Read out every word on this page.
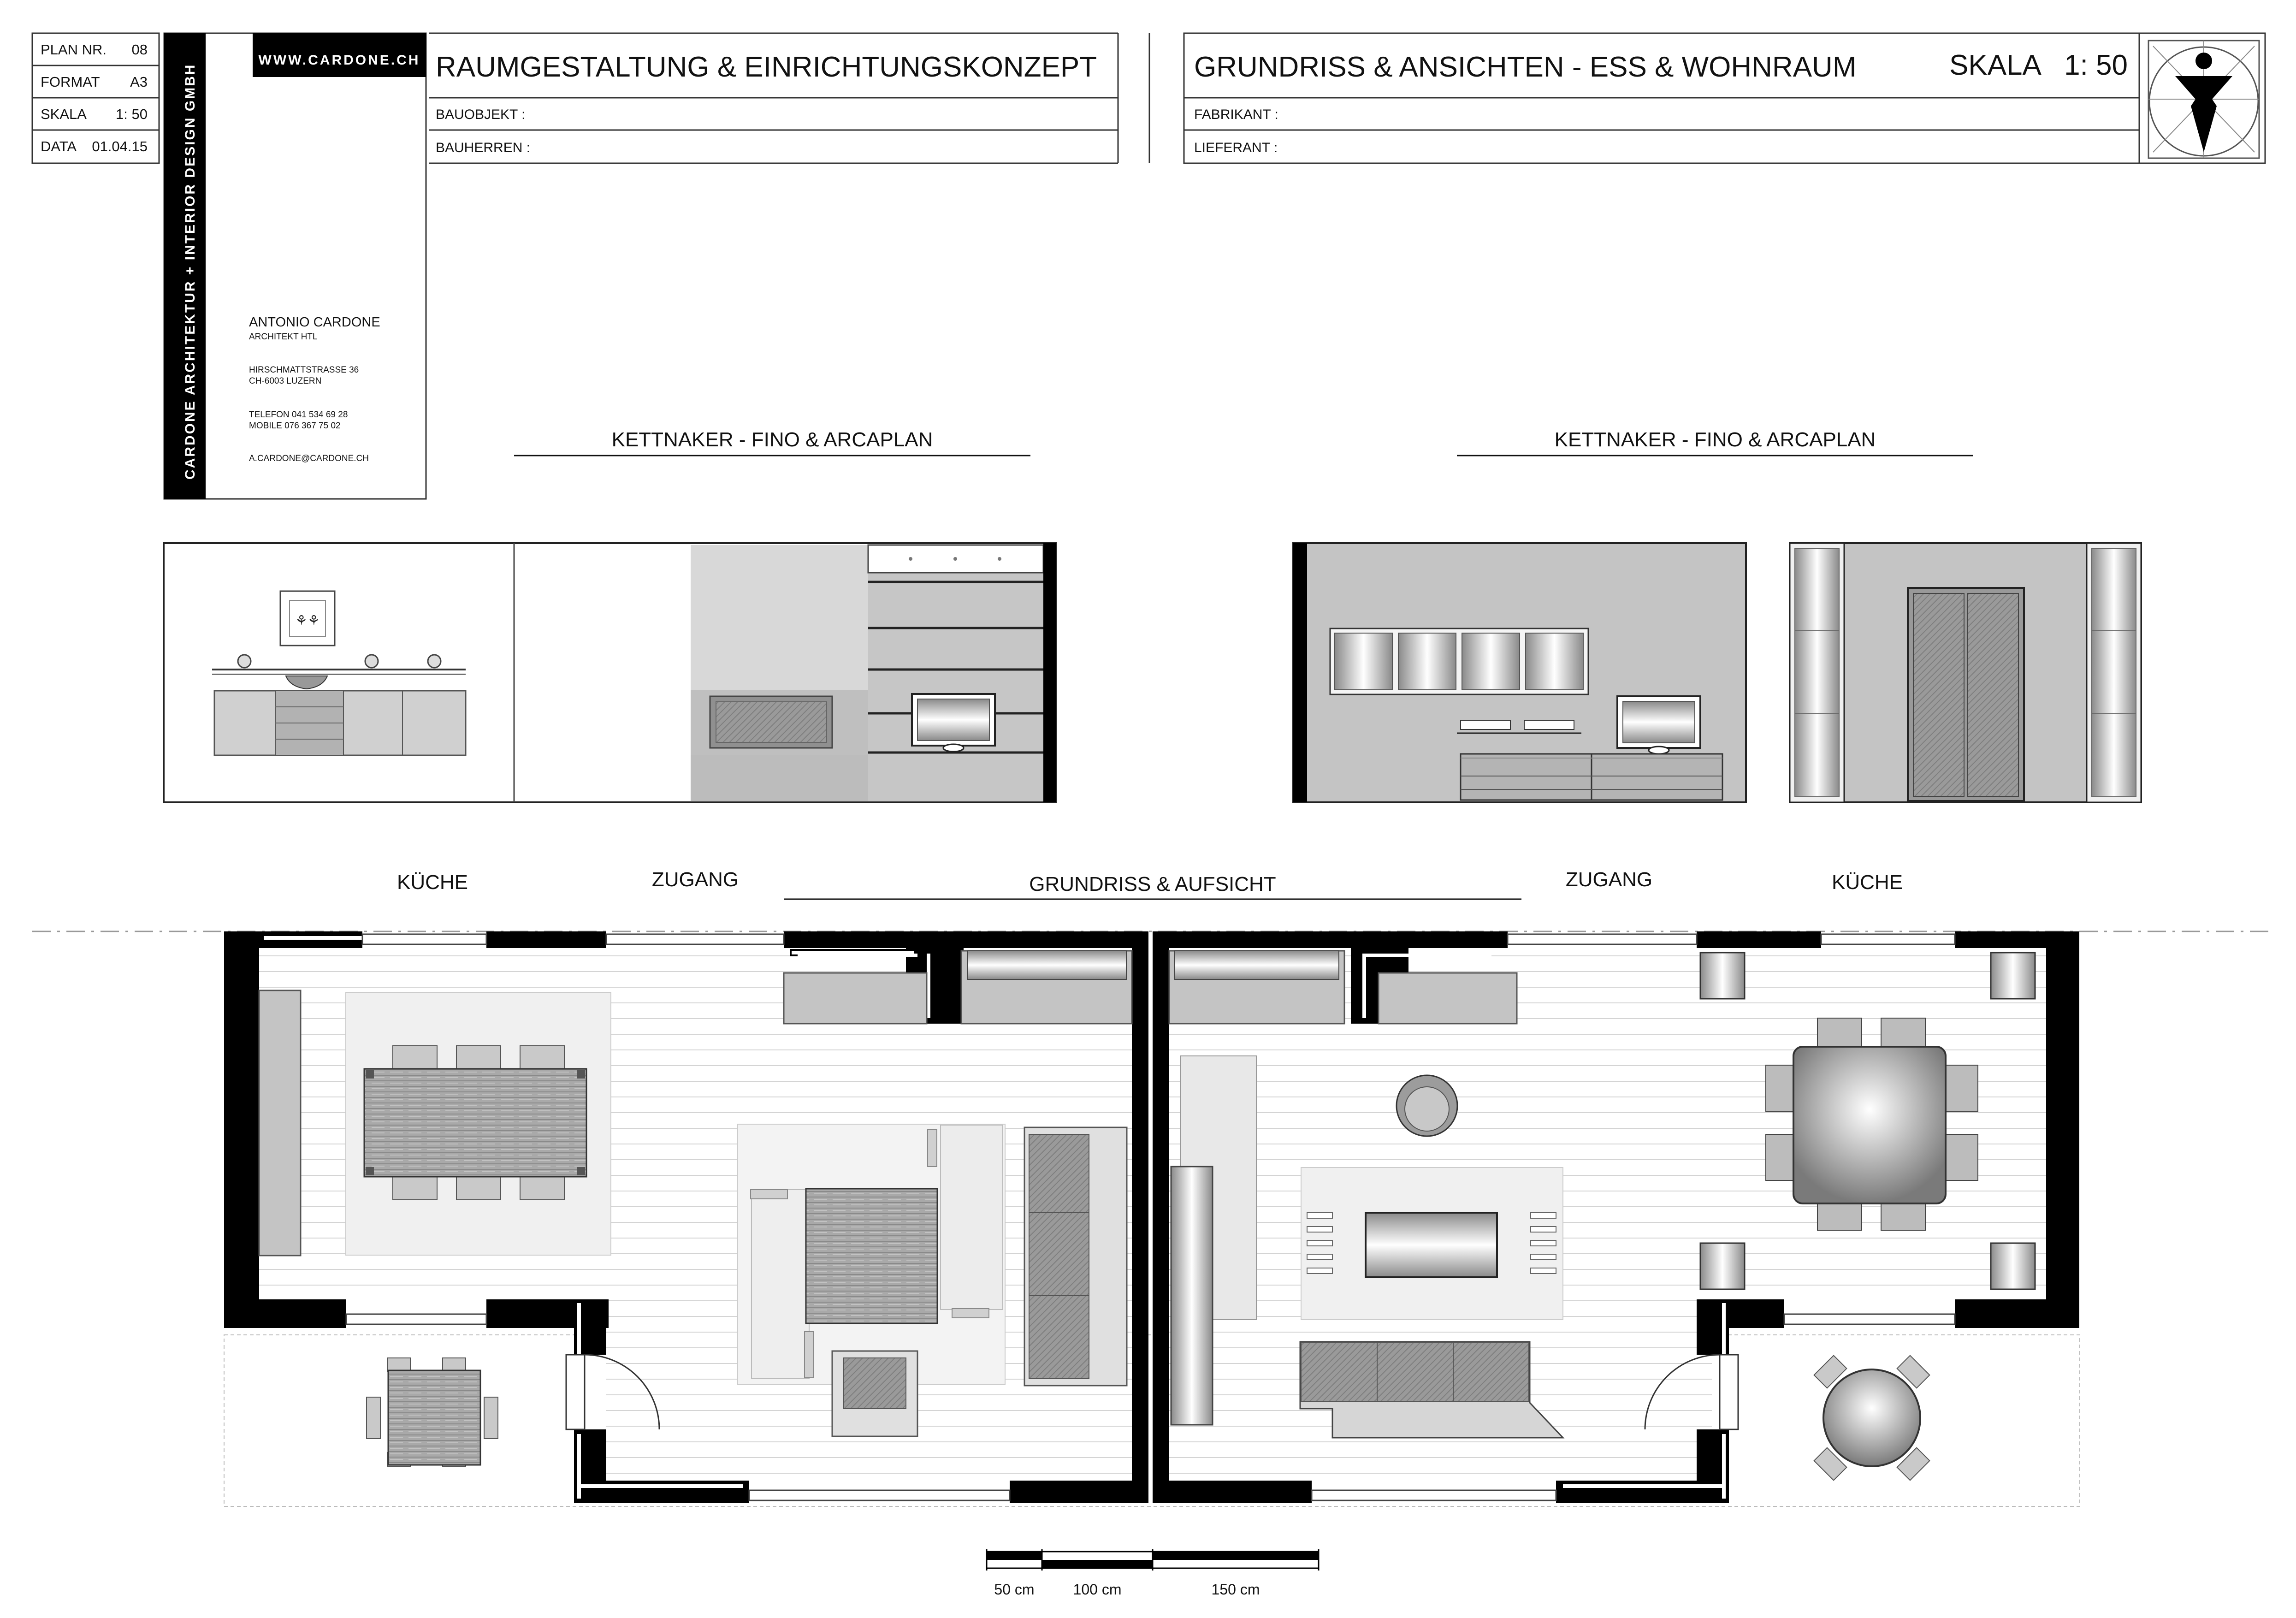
PLAN NR. 08
FORMAT A3
SKALA 1: 50
DATA 01.04.15	CARDONE ARCHITEKTUR + INTERIOR DESIGN GMBH
WWW.CARDONE.CH
ANTONIO CARDONE
ARCHITEKT HTL
HIRSCHMATTSTRASSE 36
CH-6003 LUZERN
TELEFON 041 534 69 28
MOBILE 076 367 75 02
A.CARDONE@CARDONE.CH
RAUMGESTALTUNG & EINRICHTUNGSKONZEPT
BAUOBJEKT :
BAUHERREN :
GRUNDRISS & ANSICHTEN - ESS & WOHNRAUM	SKALA 1: 50
FABRIKANT :
LIEFERANT :
KETTNAKER - FINO & ARCAPLAN	KETTNAKER - FINO & ARCAPLAN
⚘⚘
KÜCHE	ZUGANG	GRUNDRISS & AUFSICHT	ZUGANG	KÜCHE
50 cm	100 cm	150 cm
